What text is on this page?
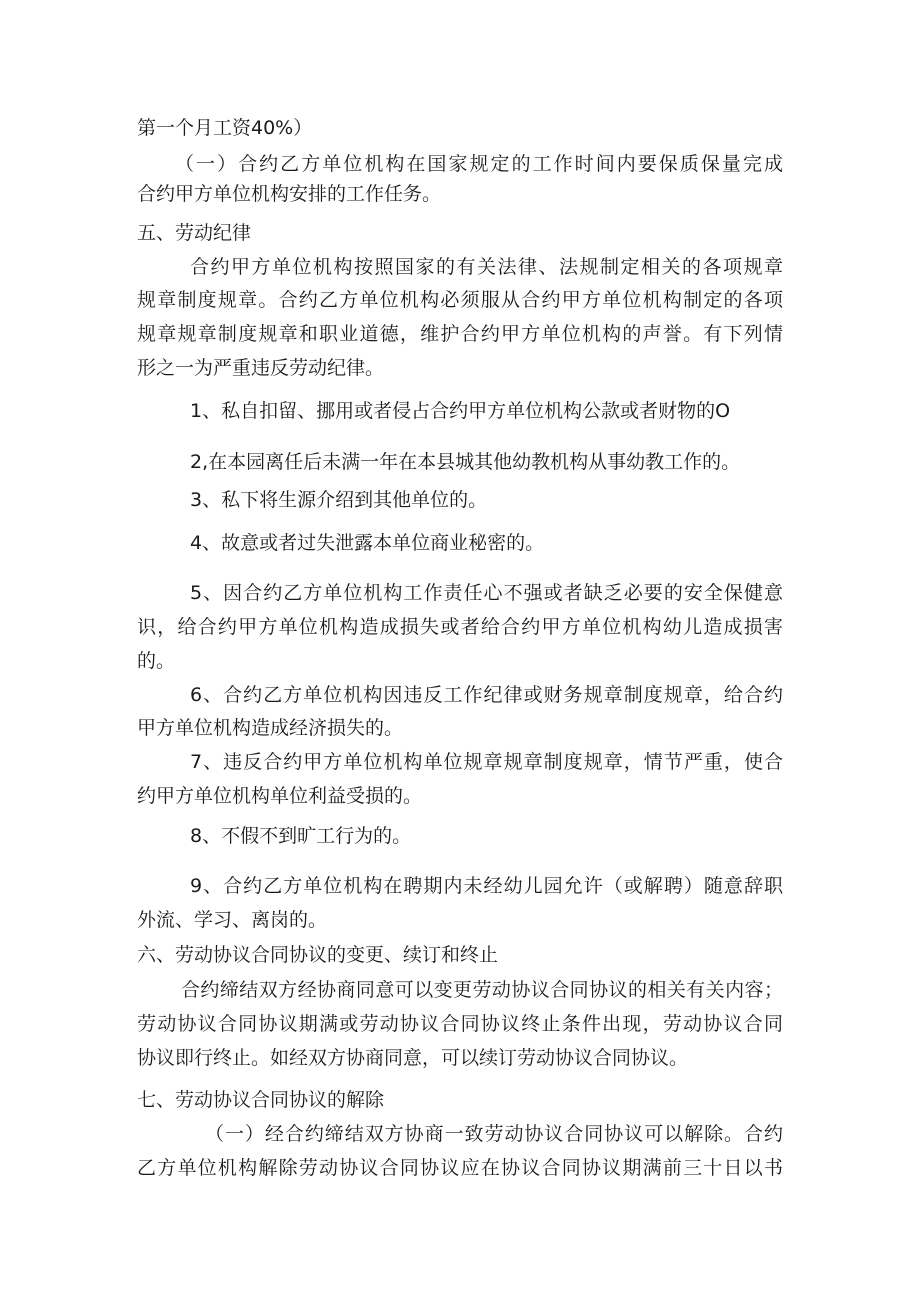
第一个月工资40%）
（一）合约乙方单位机构在国家规定的工作时间内要保质保量完成
合约甲方单位机构安排的工作任务。
五、劳动纪律
合约甲方单位机构按照国家的有关法律、法规制定相关的各项规章
规章制度规章。合约乙方单位机构必须服从合约甲方单位机构制定的各项
规章规章制度规章和职业道德，维护合约甲方单位机构的声誉。有下列情
形之一为严重违反劳动纪律。
1、私自扣留、挪用或者侵占合约甲方单位机构公款或者财物的O
2,在本园离任后未满一年在本县城其他幼教机构从事幼教工作的。
3、私下将生源介绍到其他单位的。
4、故意或者过失泄露本单位商业秘密的。
5、因合约乙方单位机构工作责任心不强或者缺乏必要的安全保健意
识，给合约甲方单位机构造成损失或者给合约甲方单位机构幼儿造成损害
的。
6、合约乙方单位机构因违反工作纪律或财务规章制度规章，给合约
甲方单位机构造成经济损失的。
7、违反合约甲方单位机构单位规章规章制度规章，情节严重，使合
约甲方单位机构单位利益受损的。
8、不假不到旷工行为的。
9、合约乙方单位机构在聘期内未经幼儿园允许（或解聘）随意辞职
外流、学习、离岗的。
六、劳动协议合同协议的变更、续订和终止
合约缔结双方经协商同意可以变更劳动协议合同协议的相关有关内容；
劳动协议合同协议期满或劳动协议合同协议终止条件出现，劳动协议合同
协议即行终止。如经双方协商同意，可以续订劳动协议合同协议。
七、劳动协议合同协议的解除
（一）经合约缔结双方协商一致劳动协议合同协议可以解除。合约
乙方单位机构解除劳动协议合同协议应在协议合同协议期满前三十日以书
